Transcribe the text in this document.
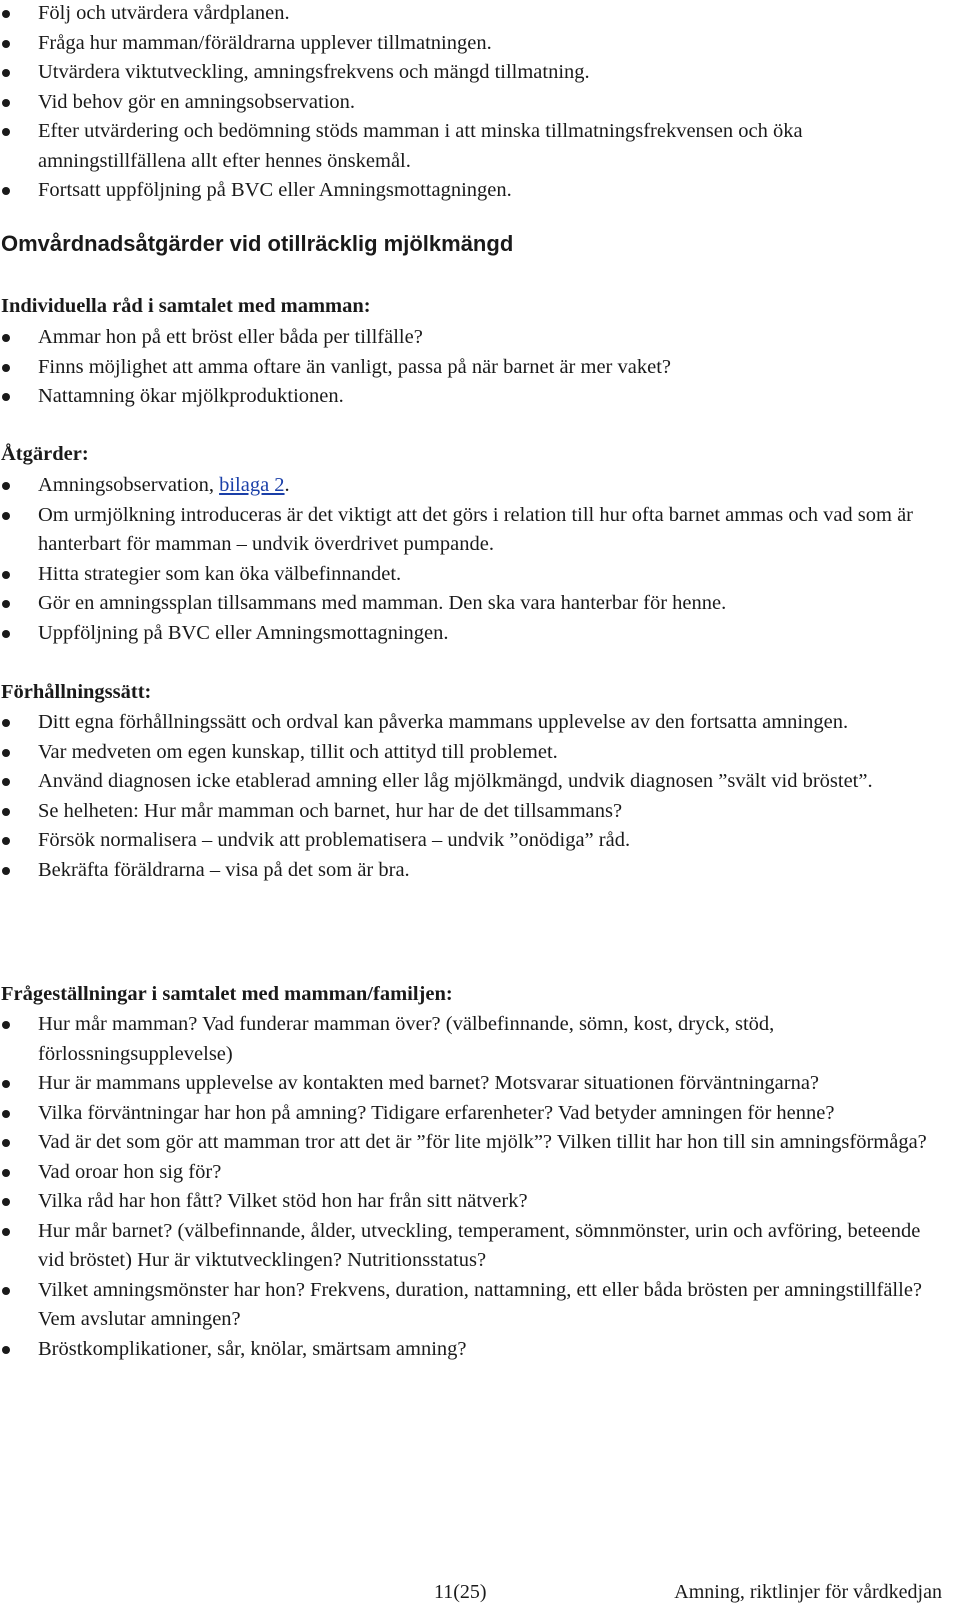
Följ och utvärdera vårdplanen.
Fråga hur mamman/föräldrarna upplever tillmatningen.
Utvärdera viktutveckling, amningsfrekvens och mängd tillmatning.
Vid behov gör en amningsobservation.
Efter utvärdering och bedömning stöds mamman i att minska tillmatningsfrekvensen och öka amningstillfällena allt efter hennes önskemål.
Fortsatt uppföljning på BVC eller Amningsmottagningen.
Omvårdnadsåtgärder vid otillräcklig mjölkmängd
Individuella råd i samtalet med mamman:
Ammar hon på ett bröst eller båda per tillfälle?
Finns möjlighet att amma oftare än vanligt, passa på när barnet är mer vaket?
Nattamning ökar mjölkproduktionen.
Åtgärder:
Amningsobservation, bilaga 2.
Om urmjölkning introduceras är det viktigt att det görs i relation till hur ofta barnet ammas och vad som är hanterbart för mamman – undvik överdrivet pumpande.
Hitta strategier som kan öka välbefinnandet.
Gör en amningssplan tillsammans med mamman. Den ska vara hanterbar för henne.
Uppföljning på BVC eller Amningsmottagningen.
Förhållningssätt:
Ditt egna förhållningssätt och ordval kan påverka mammans upplevelse av den fortsatta amningen.
Var medveten om egen kunskap, tillit och attityd till problemet.
Använd diagnosen icke etablerad amning eller låg mjölkmängd, undvik diagnosen ”svält vid bröstet”.
Se helheten: Hur mår mamman och barnet, hur har de det tillsammans?
Försök normalisera – undvik att problematisera – undvik ”onödiga” råd.
Bekräfta föräldrarna – visa på det som är bra.
Frågeställningar i samtalet med mamman/familjen:
Hur mår mamman? Vad funderar mamman över? (välbefinnande, sömn, kost, dryck, stöd, förlossningsupplevelse)
Hur är mammans upplevelse av kontakten med barnet? Motsvarar situationen förväntningarna?
Vilka förväntningar har hon på amning? Tidigare erfarenheter? Vad betyder amningen för henne?
Vad är det som gör att mamman tror att det är ”för lite mjölk”? Vilken tillit har hon till sin amningsförmåga?
Vad oroar hon sig för?
Vilka råd har hon fått? Vilket stöd hon har från sitt nätverk?
Hur mår barnet? (välbefinnande, ålder, utveckling, temperament, sömnmönster, urin och avföring, beteende vid bröstet) Hur är viktutvecklingen? Nutritionsstatus?
Vilket amningsmönster har hon? Frekvens, duration, nattamning, ett eller båda brösten per amningstillfälle? Vem avslutar amningen?
Bröstkomplikationer, sår, knölar, smärtsam amning?
11(25)	Amning, riktlinjer för vårdkedjan
